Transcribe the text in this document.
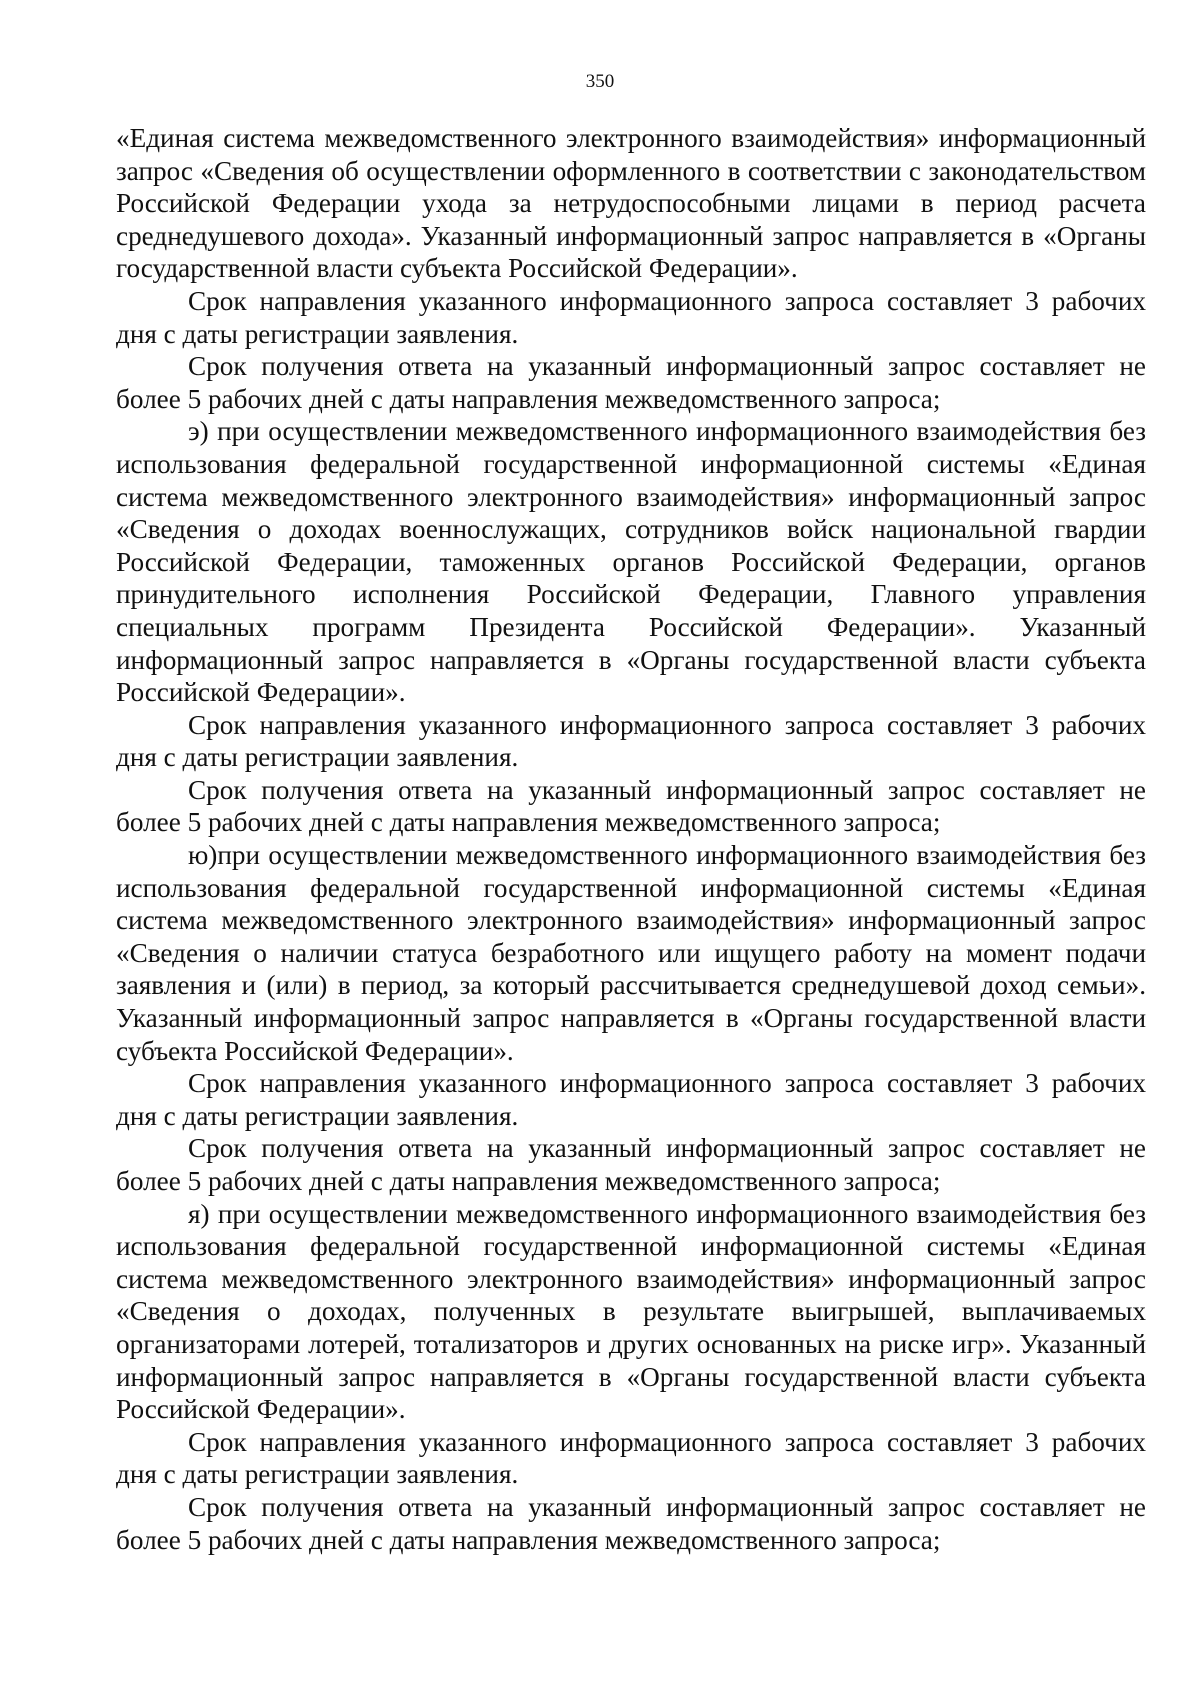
350

«Единая система межведомственного электронного взаимодействия» информационный запрос «Сведения об осуществлении оформленного в соответствии с законодательством Российской Федерации ухода за нетрудоспособными лицами в период расчета среднедушевого дохода». Указанный информационный запрос направляется в «Органы государственной власти субъекта Российской Федерации».

Срок направления указанного информационного запроса составляет 3 рабочих дня с даты регистрации заявления.

Срок получения ответа на указанный информационный запрос составляет не более 5 рабочих дней с даты направления межведомственного запроса;

э) при осуществлении межведомственного информационного взаимодействия без использования федеральной государственной информационной системы «Единая система межведомственного электронного взаимодействия» информационный запрос «Сведения о доходах военнослужащих, сотрудников войск национальной гвардии Российской Федерации, таможенных органов Российской Федерации, органов принудительного исполнения Российской Федерации, Главного управления специальных программ Президента Российской Федерации». Указанный информационный запрос направляется в «Органы государственной власти субъекта Российской Федерации».

Срок направления указанного информационного запроса составляет 3 рабочих дня с даты регистрации заявления.

Срок получения ответа на указанный информационный запрос составляет не более 5 рабочих дней с даты направления межведомственного запроса;

ю)при осуществлении межведомственного информационного взаимодействия без использования федеральной государственной информационной системы «Единая система межведомственного электронного взаимодействия» информационный запрос «Сведения о наличии статуса безработного или ищущего работу на момент подачи заявления и (или) в период, за который рассчитывается среднедушевой доход семьи». Указанный информационный запрос направляется в «Органы государственной власти субъекта Российской Федерации».

Срок направления указанного информационного запроса составляет 3 рабочих дня с даты регистрации заявления.

Срок получения ответа на указанный информационный запрос составляет не более 5 рабочих дней с даты направления межведомственного запроса;

я) при осуществлении межведомственного информационного взаимодействия без использования федеральной государственной информационной системы «Единая система межведомственного электронного взаимодействия» информационный запрос «Сведения о доходах, полученных в результате выигрышей, выплачиваемых организаторами лотерей, тотализаторов и других основанных на риске игр». Указанный информационный запрос направляется в «Органы государственной власти субъекта Российской Федерации».

Срок направления указанного информационного запроса составляет 3 рабочих дня с даты регистрации заявления.

Срок получения ответа на указанный информационный запрос составляет не более 5 рабочих дней с даты направления межведомственного запроса;
